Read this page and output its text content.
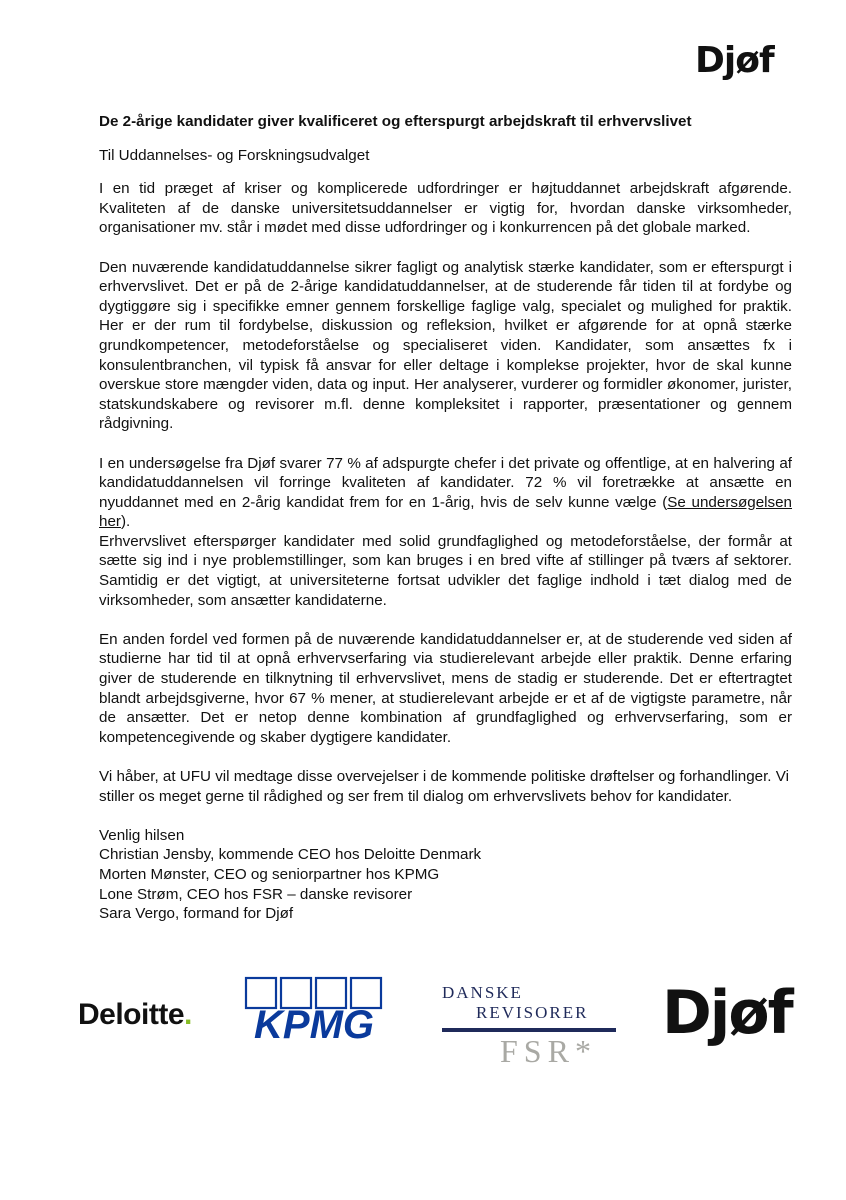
Djøf
De 2-årige kandidater giver kvalificeret og efterspurgt arbejdskraft til erhvervslivet
Til Uddannelses- og Forskningsudvalget

I en tid præget af kriser og komplicerede udfordringer er højtuddannet arbejdskraft afgørende. Kvaliteten af de danske universitetsuddannelser er vigtig for, hvordan danske virksomheder, organisationer mv. står i mødet med disse udfordringer og i konkurrencen på det globale marked.

Den nuværende kandidatuddannelse sikrer fagligt og analytisk stærke kandidater, som er efterspurgt i erhvervslivet. Det er på de 2-årige kandidatuddannelser, at de studerende får tiden til at fordybe og dygtiggøre sig i specifikke emner gennem forskellige faglige valg, specialet og mulighed for praktik. Her er der rum til fordybelse, diskussion og refleksion, hvilket er afgørende for at opnå stærke grundkompetencer, metodeforståelse og specialiseret viden. Kandidater, som ansættes fx i konsulentbranchen, vil typisk få ansvar for eller deltage i komplekse projekter, hvor de skal kunne overskue store mængder viden, data og input. Her analyserer, vurderer og formidler økonomer, jurister, statskundskabere og revisorer m.fl. denne kompleksitet i rapporter, præsentationer og gennem rådgivning.

I en undersøgelse fra Djøf svarer 77 % af adspurgte chefer i det private og offentlige, at en halvering af kandidatuddannelsen vil forringe kvaliteten af kandidater. 72 % vil foretrække at ansætte en nyuddannet med en 2-årig kandidat frem for en 1-årig, hvis de selv kunne vælge (Se undersøgelsen her).

Erhvervslivet efterspørger kandidater med solid grundfaglighed og metodeforståelse, der formår at sætte sig ind i nye problemstillinger, som kan bruges i en bred vifte af stillinger på tværs af sektorer. Samtidig er det vigtigt, at universiteterne fortsat udvikler det faglige indhold i tæt dialog med de virksomheder, som ansætter kandidaterne.

En anden fordel ved formen på de nuværende kandidatuddannelser er, at de studerende ved siden af studierne har tid til at opnå erhvervserfaring via studierelevant arbejde eller praktik. Denne erfaring giver de studerende en tilknytning til erhvervslivet, mens de stadig er studerende. Det er eftertragtet blandt arbejdsgiverne, hvor 67 % mener, at studierelevant arbejde er et af de vigtigste parametre, når de ansætter. Det er netop denne kombination af grundfaglighed og erhvervserfaring, som er kompetencegivende og skaber dygtigere kandidater.

Vi håber, at UFU vil medtage disse overvejelser i de kommende politiske drøftelser og forhandlinger. Vi stiller os meget gerne til rådighed og ser frem til dialog om erhvervslivets behov for kandidater.

Venlig hilsen

Christian Jensby, kommende CEO hos Deloitte Denmark

Morten Mønster, CEO og seniorpartner hos KPMG

Lone Strøm, CEO hos FSR – danske revisorer

Sara Vergo, formand for Djøf

Deloitte. KPMG
DANSKE
REVISORER
FSR*
Djøf
